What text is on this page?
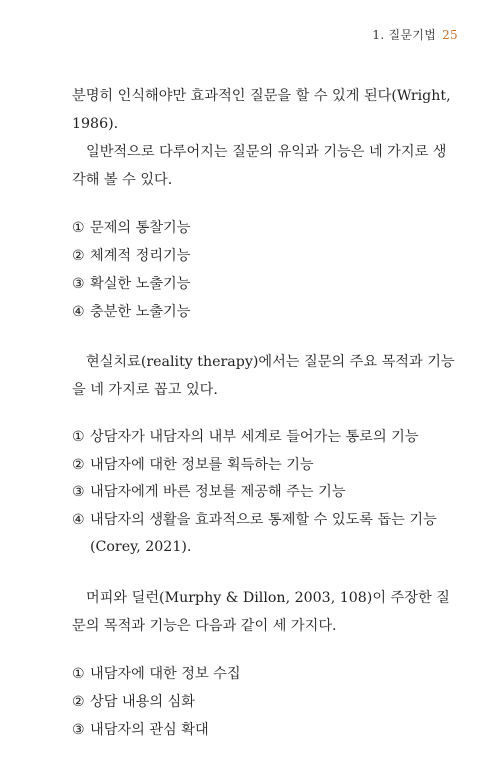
1. 질문기법 25

분명히 인식해야만 효과적인 질문을 할 수 있게 된다(Wright, 1986).

일반적으로 다루어지는 질문의 유익과 기능은 네 가지로 생각해 볼 수 있다.

① 문제의 통찰기능
② 체계적 정리기능
③ 확실한 노출기능
④ 충분한 노출기능

현실치료(reality therapy)에서는 질문의 주요 목적과 기능을 네 가지로 꼽고 있다.

① 상담자가 내담자의 내부 세계로 들어가는 통로의 기능
② 내담자에 대한 정보를 획득하는 기능
③ 내담자에게 바른 정보를 제공해 주는 기능
④ 내담자의 생활을 효과적으로 통제할 수 있도록 돕는 기능(Corey, 2021).

머피와 딜런(Murphy & Dillon, 2003, 108)이 주장한 질문의 목적과 기능은 다음과 같이 세 가지다.

① 내담자에 대한 정보 수집
② 상담 내용의 심화
③ 내담자의 관심 확대
